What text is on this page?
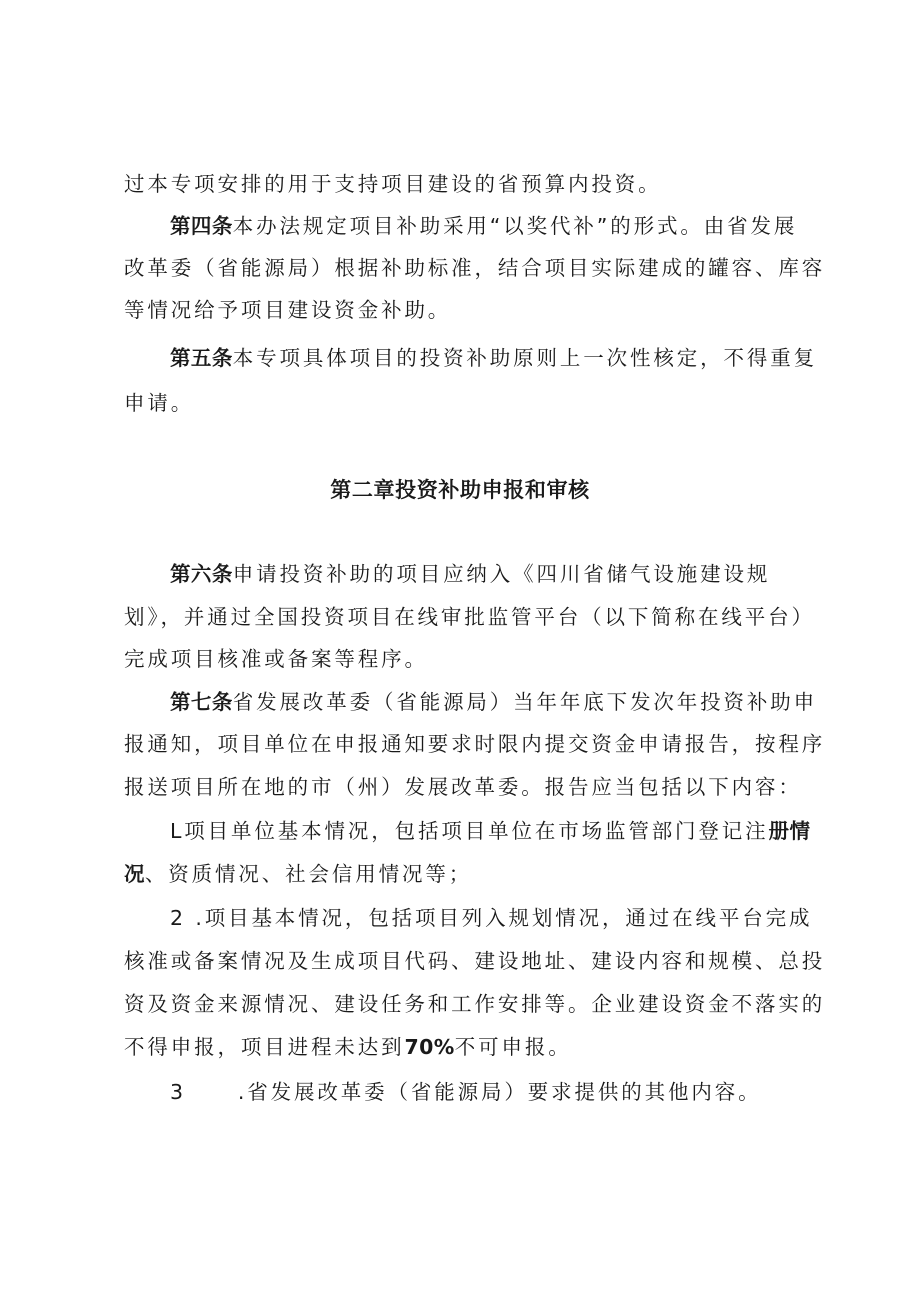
过本专项安排的用于支持项目建设的省预算内投资。

第四条本办法规定项目补助采用“以奖代补”的形式。由省发展

改革委（省能源局）根据补助标准，结合项目实际建成的罐容、库容

等情况给予项目建设资金补助。

第五条本专项具体项目的投资补助原则上一次性核定，不得重复

申请。

第二章投资补助申报和审核

第六条申请投资补助的项目应纳入《四川省储气设施建设规

划》，并通过全国投资项目在线审批监管平台（以下简称在线平台）

完成项目核准或备案等程序。

第七条省发展改革委（省能源局）当年年底下发次年投资补助申

报通知，项目单位在申报通知要求时限内提交资金申请报告，按程序

报送项目所在地的市（州）发展改革委。报告应当包括以下内容：

L项目单位基本情况，包括项目单位在市场监管部门登记注册情

况、资质情况、社会信用情况等；

2 .项目基本情况，包括项目列入规划情况，通过在线平台完成

核准或备案情况及生成项目代码、建设地址、建设内容和规模、总投

资及资金来源情况、建设任务和工作安排等。企业建设资金不落实的

不得申报，项目进程未达到70%不可申报。

3	.省发展改革委（省能源局）要求提供的其他内容。
